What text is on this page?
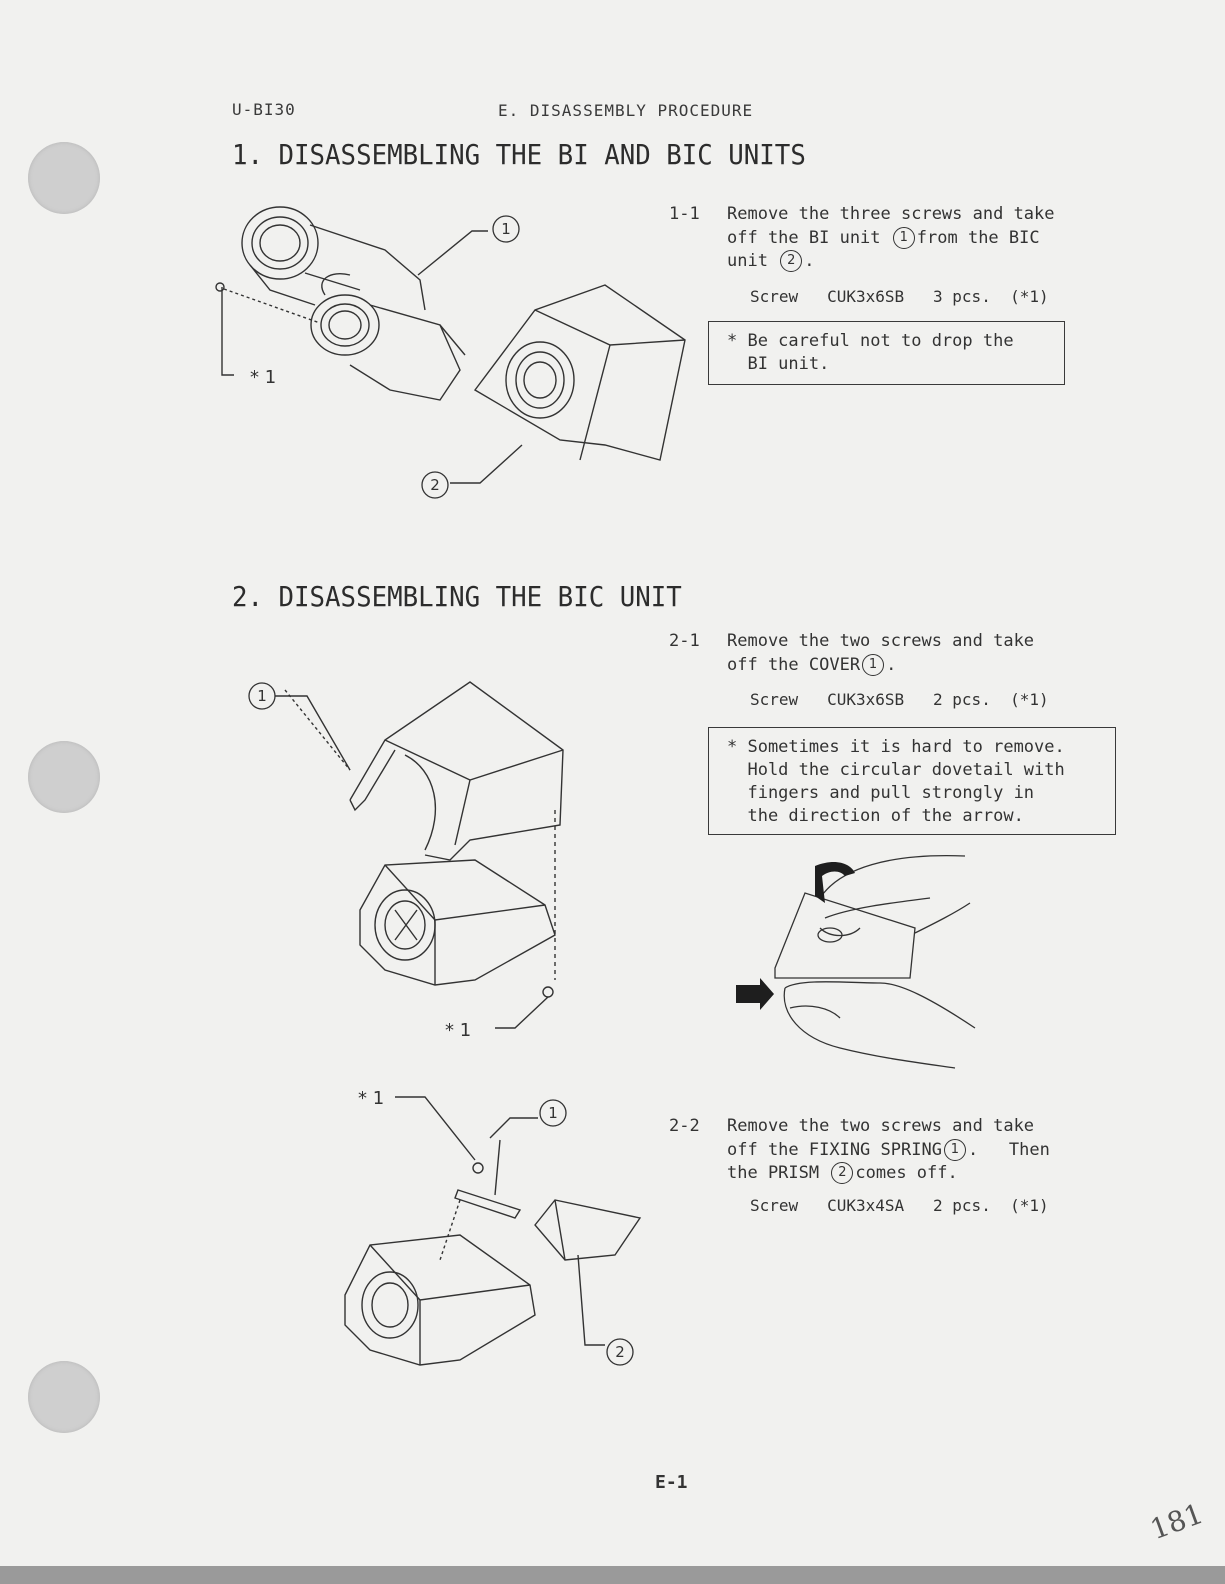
U-BI30	E. DISASSEMBLY PROCEDURE
1. DISASSEMBLING THE BI AND BIC UNITS
1
2
* 1
1-1 Remove the three screws and take
off the BI unit 1 from the BIC
unit 2 .
Screw   CUK3x6SB   3 pcs.  (*1)
* Be careful not to drop the
BI unit.
2. DISASSEMBLING THE BIC UNIT
1
* 1
* 1
1
2
2-1 Remove the two screws and take
off the COVER 1 .
Screw   CUK3x6SB   2 pcs.  (*1)
* Sometimes it is hard to remove.
Hold the circular dovetail with
fingers and pull strongly in
the direction of the arrow.
2-2 Remove the two screws and take
off the FIXING SPRING 1 .   Then
the PRISM 2 comes off.
Screw   CUK3x4SA   2 pcs.  (*1)
E-1
181
